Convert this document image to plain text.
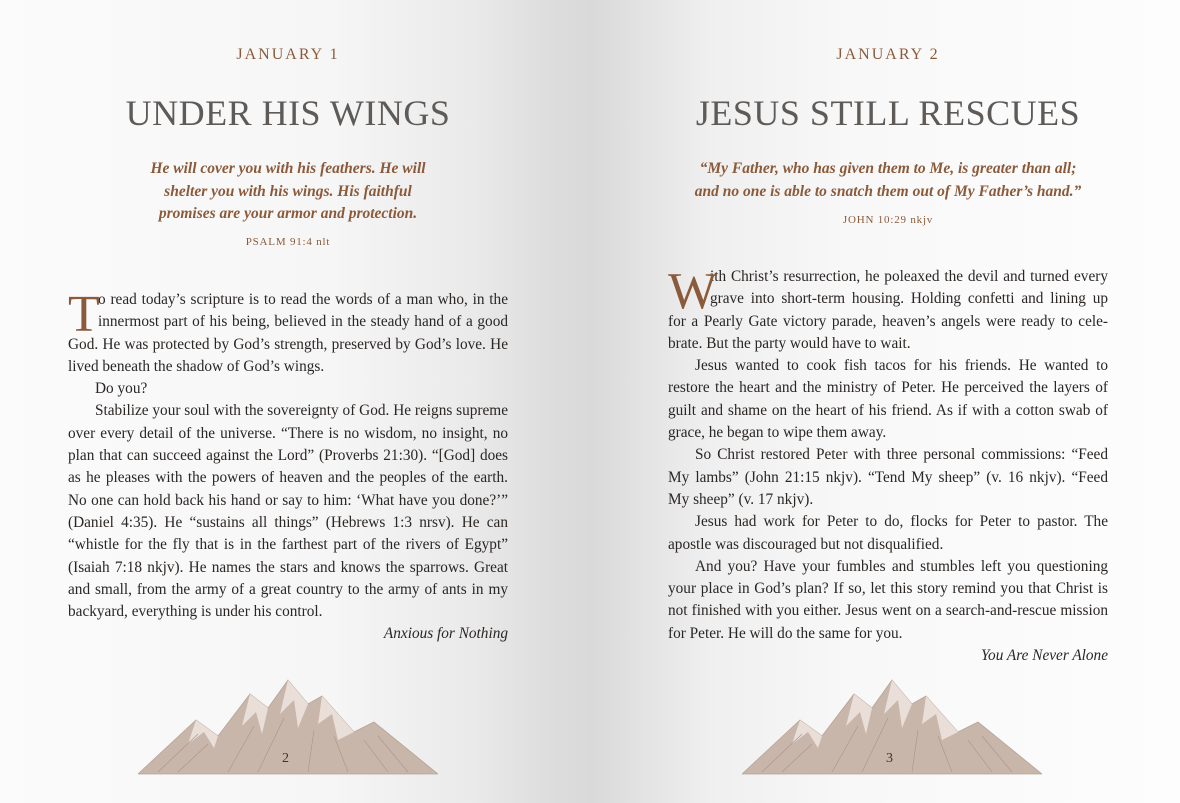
JANUARY 1
UNDER HIS WINGS

He will cover you with his feathers. He will
shelter you with his wings. His faithful
promises are your armor and protection.

PSALM 91:4 nlt
T
o read today’s scripture is to read the words of a man who, in the
innermost part of his being, believed in the steady hand of a good
God. He was protected by God’s strength, preserved by God’s love. He
lived beneath the shadow of God’s wings.
Do you?
Stabilize your soul with the sovereignty of God. He reigns supreme
over every detail of the universe. “There is no wisdom, no insight, no
plan that can succeed against the Lord” (Proverbs 21:30). “[God] does
as he pleases with the powers of heaven and the peoples of the earth.
No one can hold back his hand or say to him: ‘What have you done?’”
(Daniel 4:35). He “sustains all things” (Hebrews 1:3 nrsv). He can
“whistle for the fly that is in the farthest part of the rivers of Egypt”
(Isaiah 7:18 nkjv). He names the stars and knows the sparrows. Great
and small, from the army of a great country to the army of ants in my
backyard, everything is under his control.
Anxious for Nothing
2
JANUARY 2
JESUS STILL RESCUES

“My Father, who has given them to Me, is greater than all;
and no one is able to snatch them out of My Father’s hand.”

JOHN 10:29 nkjv
W
ith Christ’s resurrection, he poleaxed the devil and turned every
grave into short-term housing. Holding confetti and lining up
for a Pearly Gate victory parade, heaven’s angels were ready to cele-
brate. But the party would have to wait.
Jesus wanted to cook fish tacos for his friends. He wanted to
restore the heart and the ministry of Peter. He perceived the layers of
guilt and shame on the heart of his friend. As if with a cotton swab of
grace, he began to wipe them away.
So Christ restored Peter with three personal commissions: “Feed
My lambs” (John 21:15 nkjv). “Tend My sheep” (v. 16 nkjv). “Feed
My sheep” (v. 17 nkjv).
Jesus had work for Peter to do, flocks for Peter to pastor. The
apostle was discouraged but not disqualified.
And you? Have your fumbles and stumbles left you questioning
your place in God’s plan? If so, let this story remind you that Christ is
not finished with you either. Jesus went on a search-and-rescue mission
for Peter. He will do the same for you.
You Are Never Alone
3
